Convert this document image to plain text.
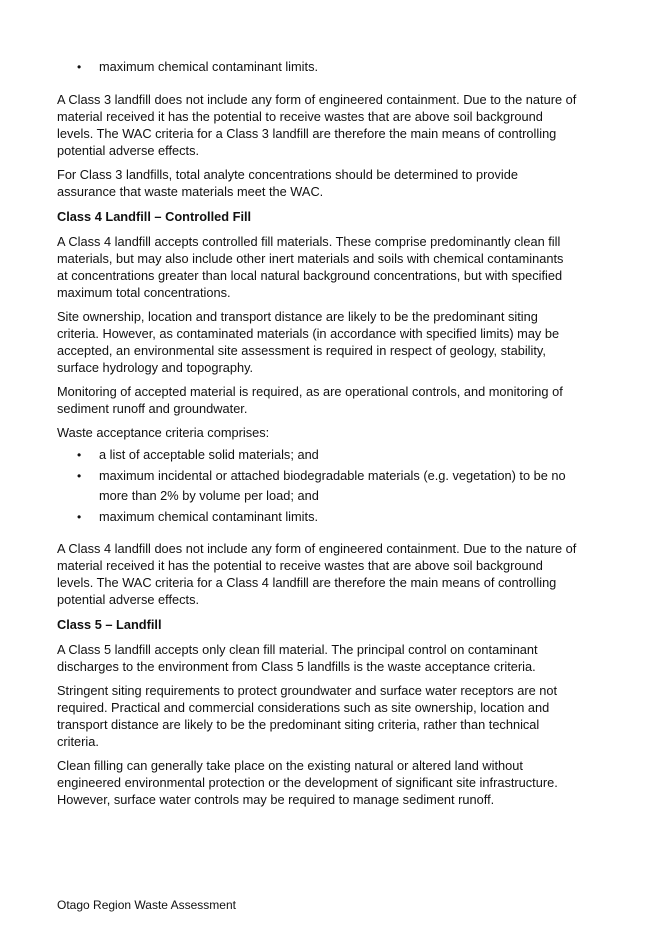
• maximum chemical contaminant limits.

A Class 3 landfill does not include any form of engineered containment. Due to the nature of material received it has the potential to receive wastes that are above soil background levels. The WAC criteria for a Class 3 landfill are therefore the main means of controlling potential adverse effects.

For Class 3 landfills, total analyte concentrations should be determined to provide assurance that waste materials meet the WAC.

Class 4 Landfill – Controlled Fill

A Class 4 landfill accepts controlled fill materials. These comprise predominantly clean fill materials, but may also include other inert materials and soils with chemical contaminants at concentrations greater than local natural background concentrations, but with specified maximum total concentrations.

Site ownership, location and transport distance are likely to be the predominant siting criteria. However, as contaminated materials (in accordance with specified limits) may be accepted, an environmental site assessment is required in respect of geology, stability, surface hydrology and topography.

Monitoring of accepted material is required, as are operational controls, and monitoring of sediment runoff and groundwater.

Waste acceptance criteria comprises:

• a list of acceptable solid materials; and
• maximum incidental or attached biodegradable materials (e.g. vegetation) to be no more than 2% by volume per load; and
• maximum chemical contaminant limits.

A Class 4 landfill does not include any form of engineered containment. Due to the nature of material received it has the potential to receive wastes that are above soil background levels. The WAC criteria for a Class 4 landfill are therefore the main means of controlling potential adverse effects.

Class 5 – Landfill

A Class 5 landfill accepts only clean fill material. The principal control on contaminant discharges to the environment from Class 5 landfills is the waste acceptance criteria.

Stringent siting requirements to protect groundwater and surface water receptors are not required. Practical and commercial considerations such as site ownership, location and transport distance are likely to be the predominant siting criteria, rather than technical criteria.

Clean filling can generally take place on the existing natural or altered land without engineered environmental protection or the development of significant site infrastructure. However, surface water controls may be required to manage sediment runoff.

Otago Region Waste Assessment
